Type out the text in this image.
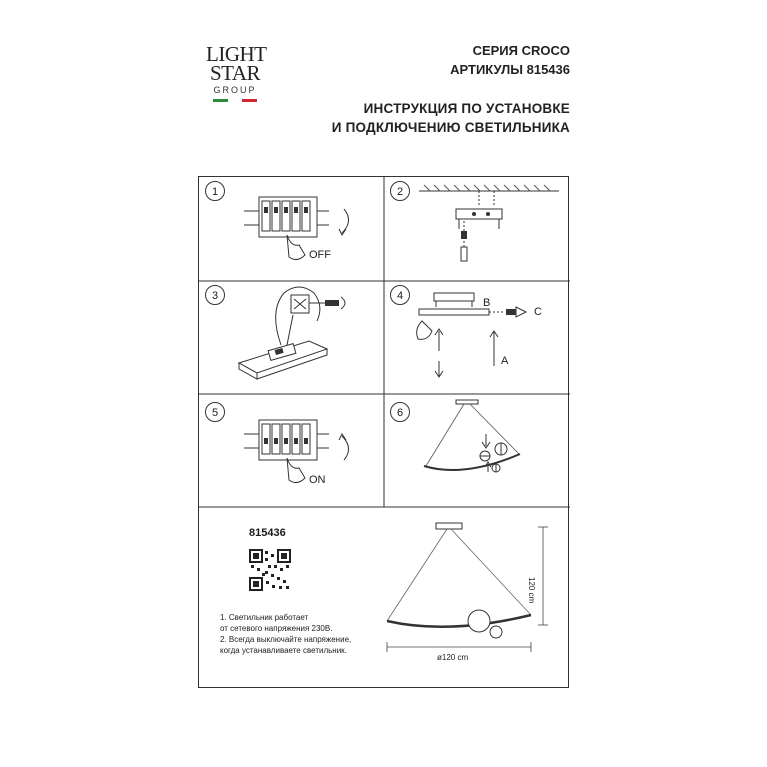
LIGHT
STAR
GROUP
СЕРИЯ CROCO
АРТИКУЛЫ 815436
ИНСТРУКЦИЯ ПО УСТАНОВКЕ
И ПОДКЛЮЧЕНИЮ СВЕТИЛЬНИКА
1
OFF
2
3	4
B
C
A
5
ON
6
815436
1. Светильник работает
от сетевого напряжения 230В.
2. Всегда выключайте напряжение,
когда устанавливаете светильник.
120 cm
ø120 cm
